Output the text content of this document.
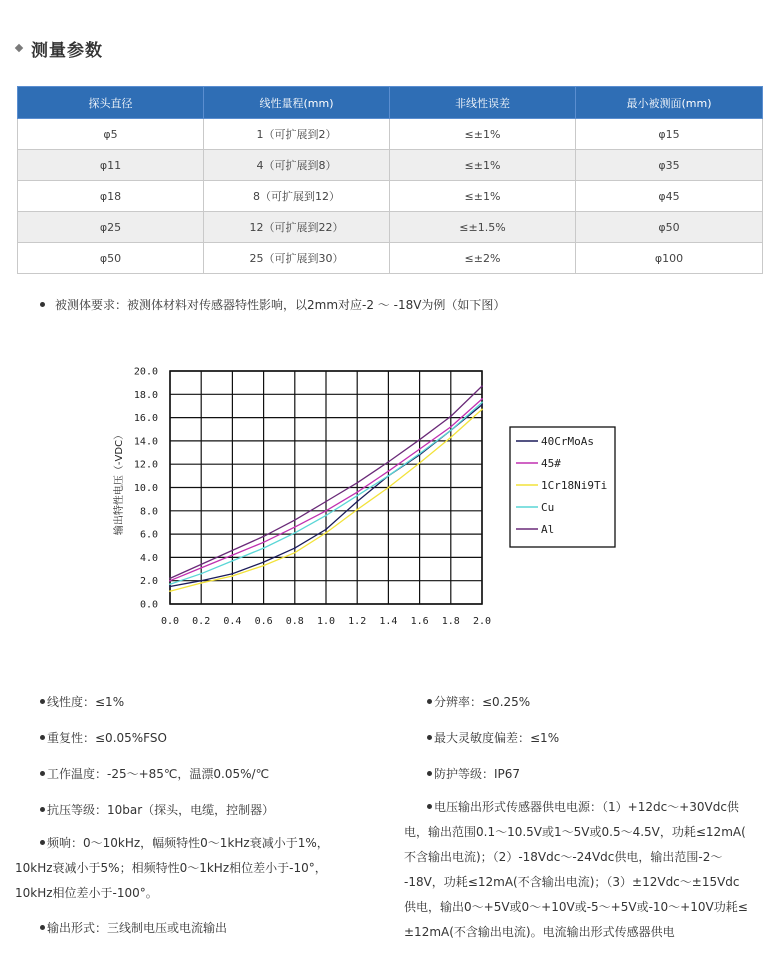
测量参数
探头直径	线性量程(mm)	非线性误差	最小被测面(mm)
φ5	1（可扩展到2）	≤±1%	φ15
φ11	4（可扩展到8）	≤±1%	φ35
φ18	8（可扩展到12）	≤±1%	φ45
φ25	12（可扩展到22）	≤±1.5%	φ50
φ50	25（可扩展到30）	≤±2%	φ100
被测体要求：被测体材料对传感器特性影响，以2mm对应-2 ～ -18V为例（如下图）
0.0 0.2 0.4 0.6 0.8 1.0 1.2 1.4 1.6 1.8 2.0
0.0
2.0
4.0
6.0
8.0
10.0
12.0
14.0
16.0
18.0
20.0
输出特性电压（-VDC）	40CrMoAs
45#
1Cr18Ni9Ti
Cu
Al
线性度：≤1%
重复性：≤0.05%FSO
工作温度：-25～+85℃，温漂0.05%/℃
抗压等级：10bar（探头，电缆，控制器）
频响：0～10kHz，幅频特性0～1kHz衰减小于1%，
10kHz衰减小于5%；相频特性0～1kHz相位差小于-10°，
10kHz相位差小于-100°。
输出形式：三线制电压或电流输出
分辨率：≤0.25%
最大灵敏度偏差：≤1%
防护等级：IP67
电压输出形式传感器供电电源：（1）+12dc～+30Vdc供
电，输出范围0.1～10.5V或1～5V或0.5～4.5V，功耗≤12mA(
不含输出电流)；（2）-18Vdc～-24Vdc供电，输出范围-2～
-18V，功耗≤12mA(不含输出电流)；（3）±12Vdc～±15Vdc
供电，输出0～+5V或0～+10V或-5～+5V或-10～+10V功耗≤
±12mA(不含输出电流)。电流输出形式传感器供电
